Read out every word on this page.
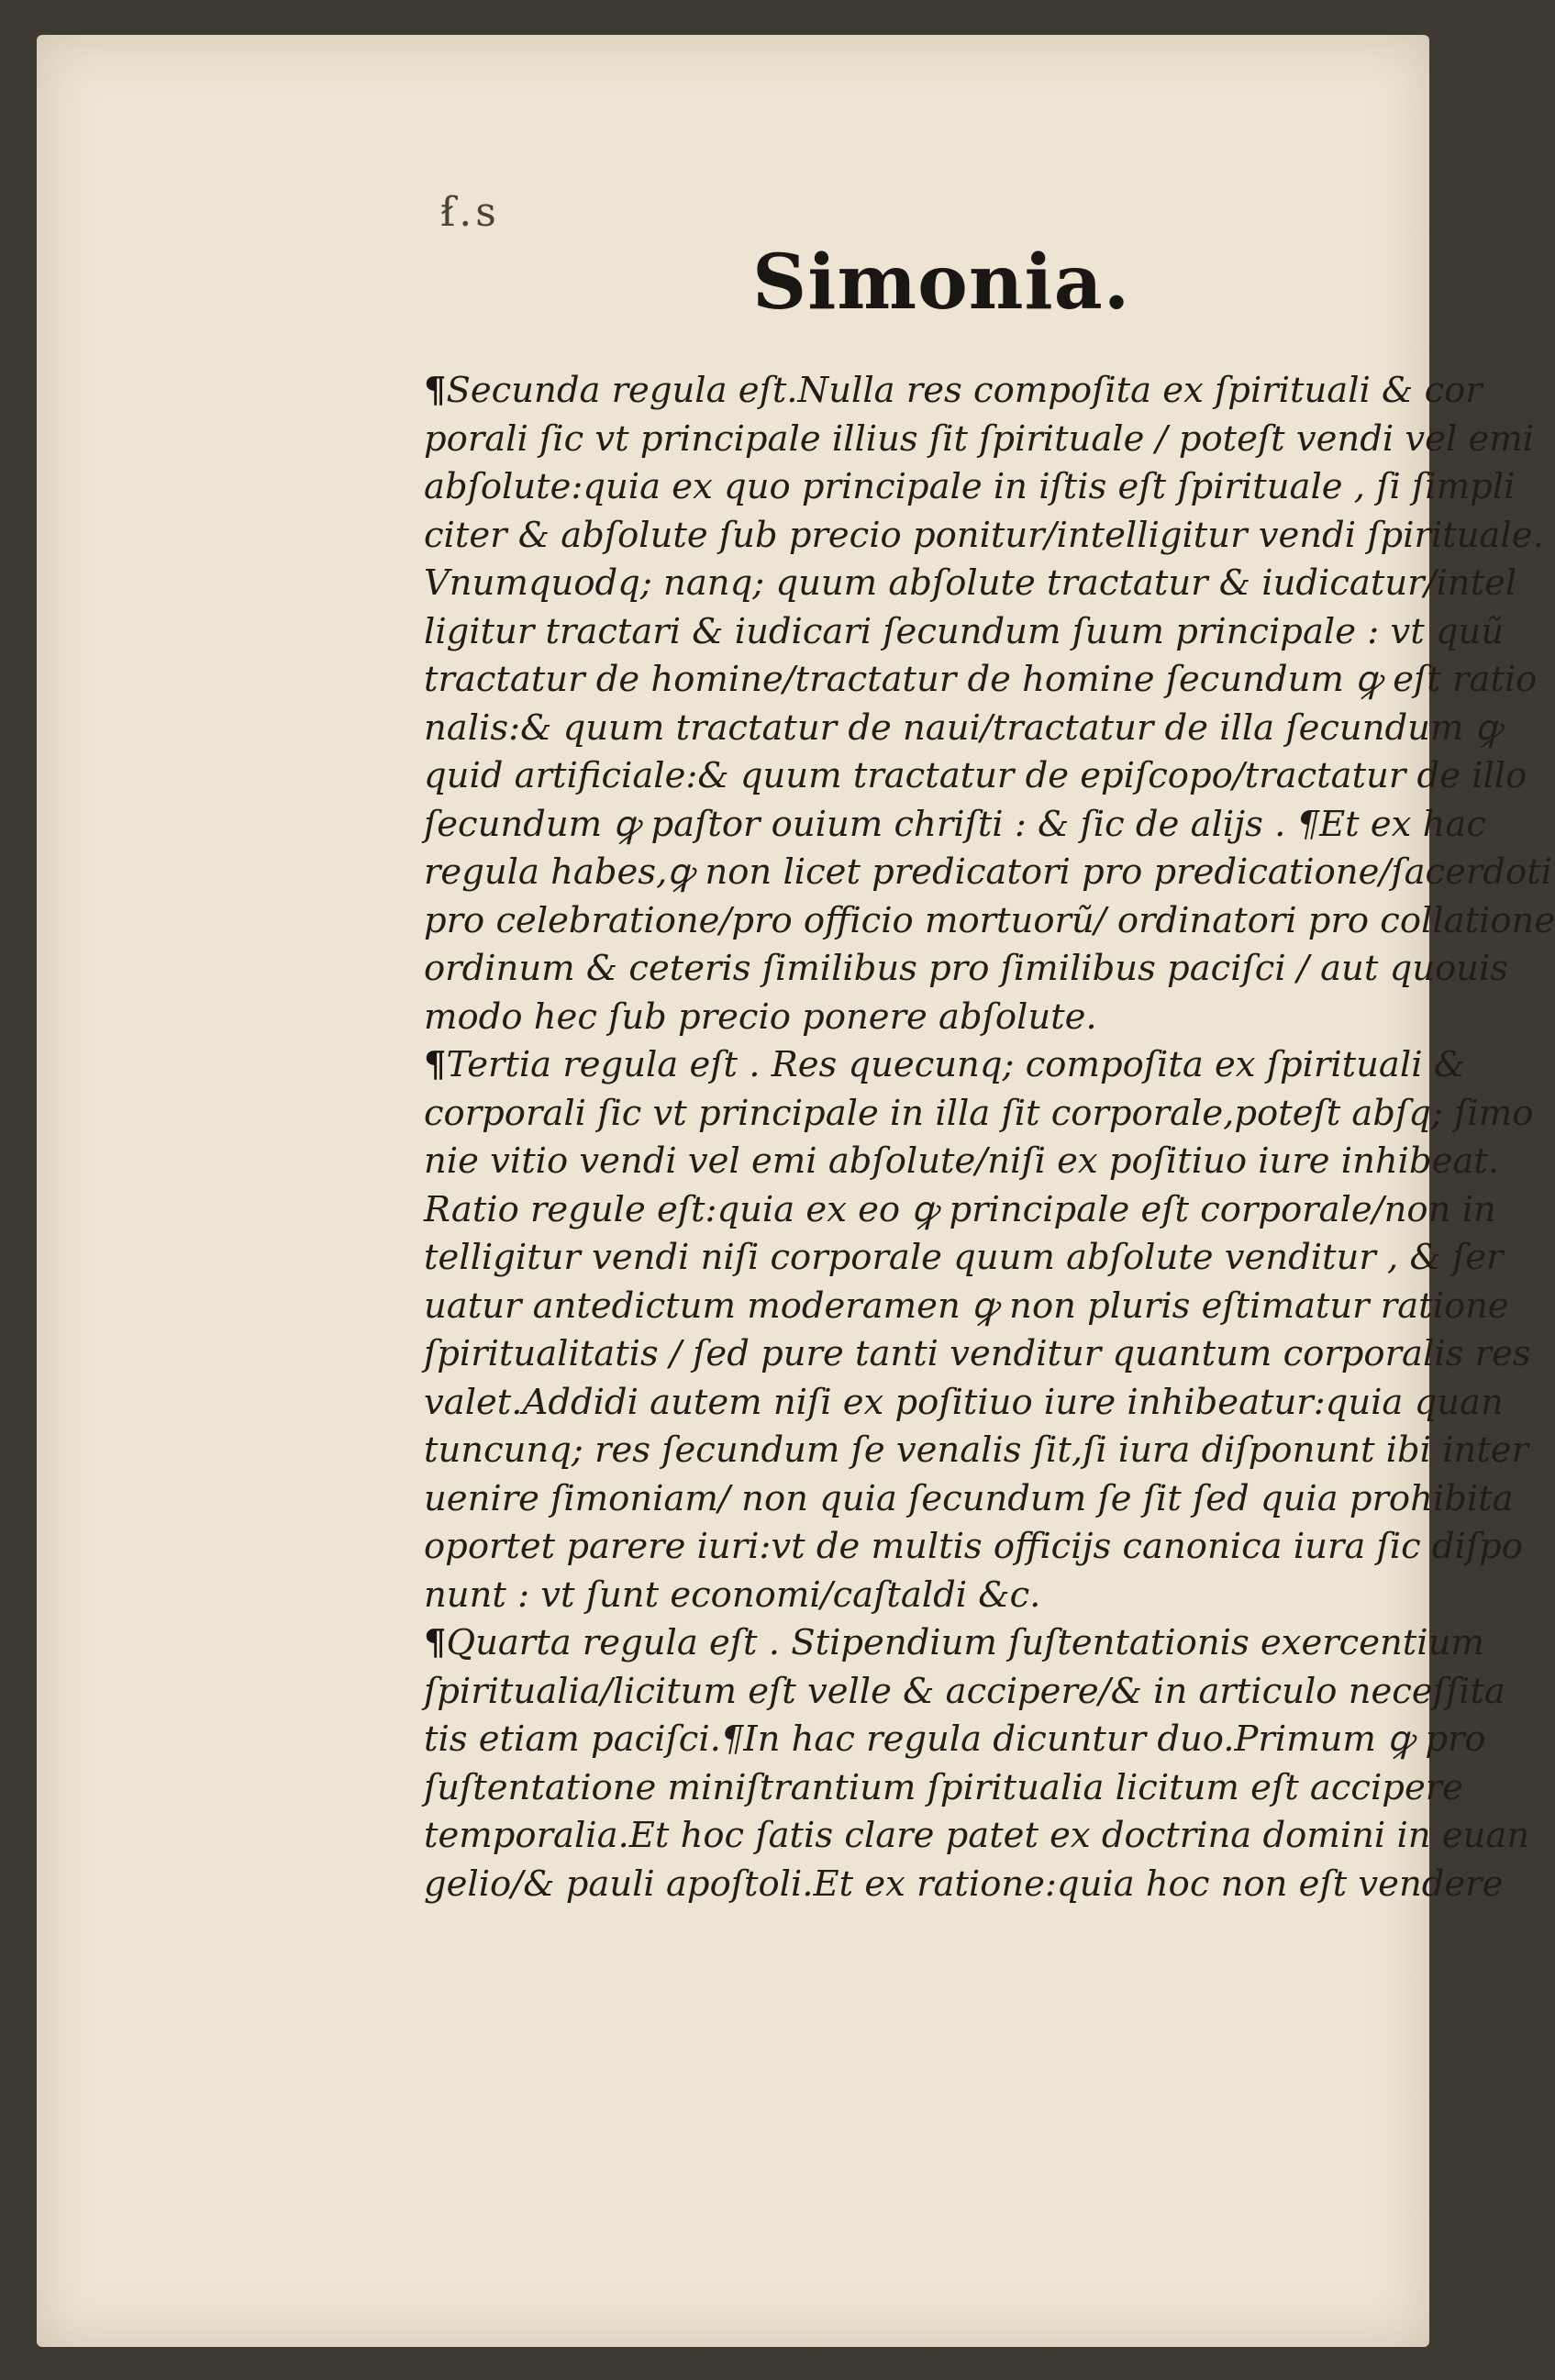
ẜ.s
Simonia.
¶Secunda regula eſt.Nulla res compoſita ex ſpirituali & cor
porali ſic vt principale illius ſit ſpirituale / poteſt vendi vel emi
abſolute:quia ex quo principale in iſtis eſt ſpirituale , ſi ſimpli
citer & abſolute ſub precio ponitur/intelligitur vendi ſpirituale.
Vnumquodq; nanq; quum abſolute tractatur & iudicatur/intel
ligitur tractari & iudicari ſecundum ſuum principale : vt quũ
tractatur de homine/tractatur de homine ſecundum ꝙ eſt ratio
nalis:& quum tractatur de naui/tractatur de illa ſecundum ꝙ
quid artificiale:& quum tractatur de epiſcopo/tractatur de illo
ſecundum ꝙ paſtor ouium chriſti : & ſic de alijs . ¶Et ex hac
regula habes,ꝙ non licet predicatori pro predicatione/ſacerdoti
pro celebratione/pro officio mortuorũ/ ordinatori pro collatione
ordinum & ceteris ſimilibus pro ſimilibus paciſci / aut quouis
modo hec ſub precio ponere abſolute.
¶Tertia regula eſt . Res quecunq; compoſita ex ſpirituali &
corporali ſic vt principale in illa ſit corporale,poteſt abſq; ſimo
nie vitio vendi vel emi abſolute/niſi ex poſitiuo iure inhibeat.
Ratio regule eſt:quia ex eo ꝙ principale eſt corporale/non in
telligitur vendi niſi corporale quum abſolute venditur , & ſer
uatur antedictum moderamen ꝙ non pluris eſtimatur ratione
ſpiritualitatis / ſed pure tanti venditur quantum corporalis res
valet.Addidi autem niſi ex poſitiuo iure inhibeatur:quia quan
tuncunq; res ſecundum ſe venalis ſit,ſi iura diſponunt ibi inter
uenire ſimoniam/ non quia ſecundum ſe ſit ſed quia prohibita
oportet parere iuri:vt de multis officijs canonica iura ſic diſpo
nunt : vt ſunt economi/caſtaldi &c.
¶Quarta regula eſt . Stipendium ſuſtentationis exercentium
ſpiritualia/licitum eſt velle & accipere/& in articulo neceſſita
tis etiam paciſci.¶In hac regula dicuntur duo.Primum ꝙ pro
ſuſtentatione miniſtrantium ſpiritualia licitum eſt accipere
temporalia.Et hoc ſatis clare patet ex doctrina domini in euan
gelio/& pauli apoſtoli.Et ex ratione:quia hoc non eſt vendere
